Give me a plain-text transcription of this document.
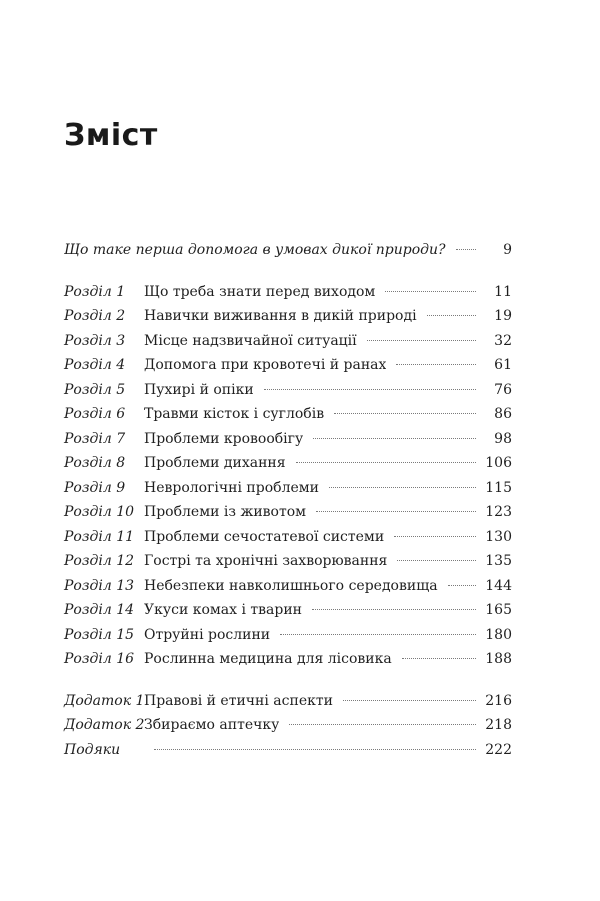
Зміст
Що таке перша допомога в умовах дикої природи?	9
Розділ 1	Що треба знати перед виходом	11
Розділ 2	Навички виживання в дикій природі	19
Розділ 3	Місце надзвичайної ситуації	32
Розділ 4	Допомога при кровотечі й ранах	61
Розділ 5	Пухирі й опіки	76
Розділ 6	Травми кісток і суглобів	86
Розділ 7	Проблеми кровообігу	98
Розділ 8	Проблеми дихання	106
Розділ 9	Неврологічні проблеми	115
Розділ 10 Проблеми із животом	123
Розділ 11 Проблеми сечостатевої системи	130
Розділ 12 Гострі та хронічні захворювання	135
Розділ 13 Небезпеки навколишнього середовища	144
Розділ 14 Укуси комах і тварин	165
Розділ 15 Отруйні рослини	180
Розділ 16 Рослинна медицина для лісовика	188
Додаток 1 Правові й етичні аспекти	216
Додаток 2 Збираємо аптечку	218
Подяки	222
